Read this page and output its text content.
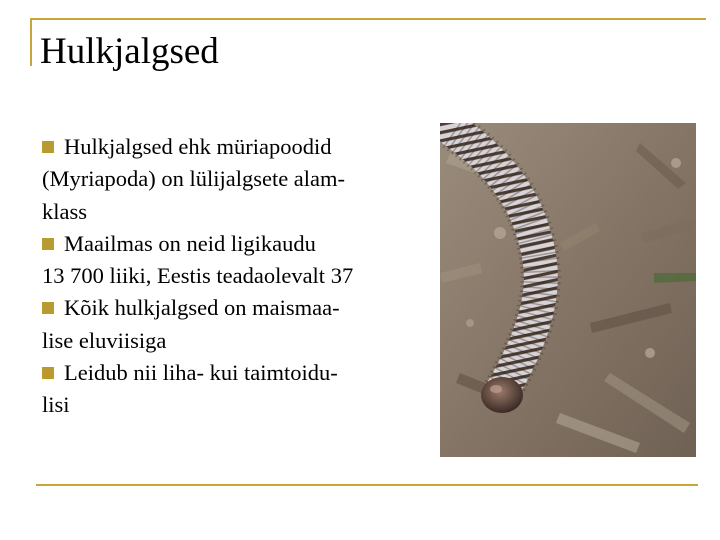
Hulkjalgsed
Hulkjalgsed ehk müriapoodid
(Myriapoda) on lülijalgsete alam-
klass
Maailmas on neid ligikaudu
13 700 liiki, Eestis teadaolevalt 37
Kõik hulkjalgsed on maismaa-
lise eluviisiga
Leidub nii liha- kui taimtoidu-
lisi
